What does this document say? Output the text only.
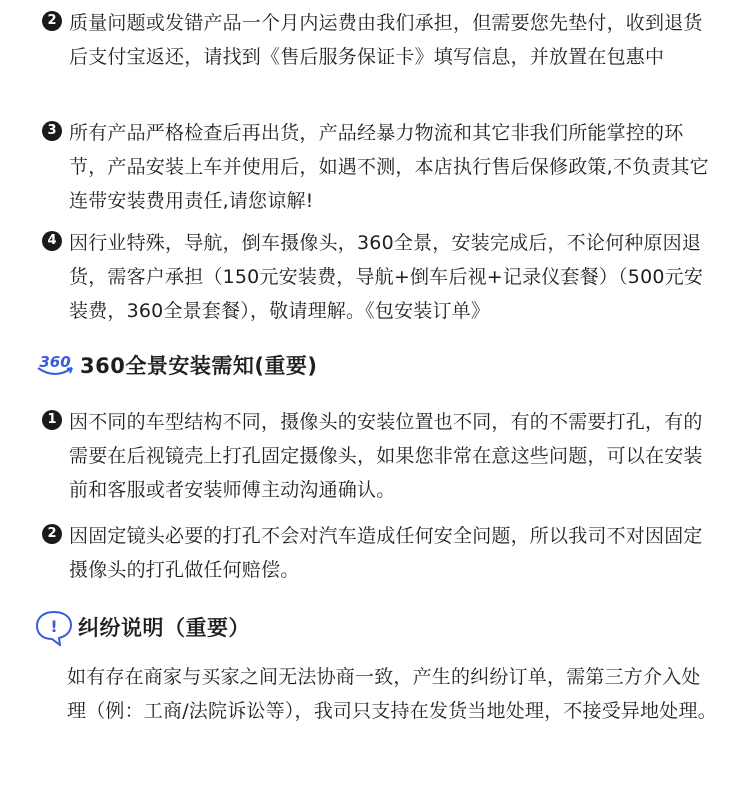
2 质量问题或发错产品一个月内运费由我们承担，但需要您先垫付，收到退货后支付宝返还，请找到《售后服务保证卡》填写信息，并放置在包惠中
3 所有产品严格检查后再出货，产品经暴力物流和其它非我们所能掌控的环节，产品安装上车并使用后，如遇不测，本店执行售后保修政策,不负责其它连带安装费用责任,请您谅解!
4 因行业特殊，导航，倒车摄像头，360全景，安装完成后，不论何种原因退货，需客户承担（150元安装费，导航+倒车后视+记录仪套餐）（500元安装费，360全景套餐），敬请理解。《包安装订单》
360 360全景安装需知(重要)
1 因不同的车型结构不同，摄像头的安装位置也不同，有的不需要打孔，有的需要在后视镜壳上打孔固定摄像头，如果您非常在意这些问题，可以在安装前和客服或者安装师傅主动沟通确认。
2 因固定镜头必要的打孔不会对汽车造成任何安全问题，所以我司不对因固定摄像头的打孔做任何赔偿。
! 纠纷说明（重要）
如有存在商家与买家之间无法协商一致，产生的纠纷订单，需第三方介入处理（例：工商/法院诉讼等），我司只支持在发货当地处理，不接受异地处理。
